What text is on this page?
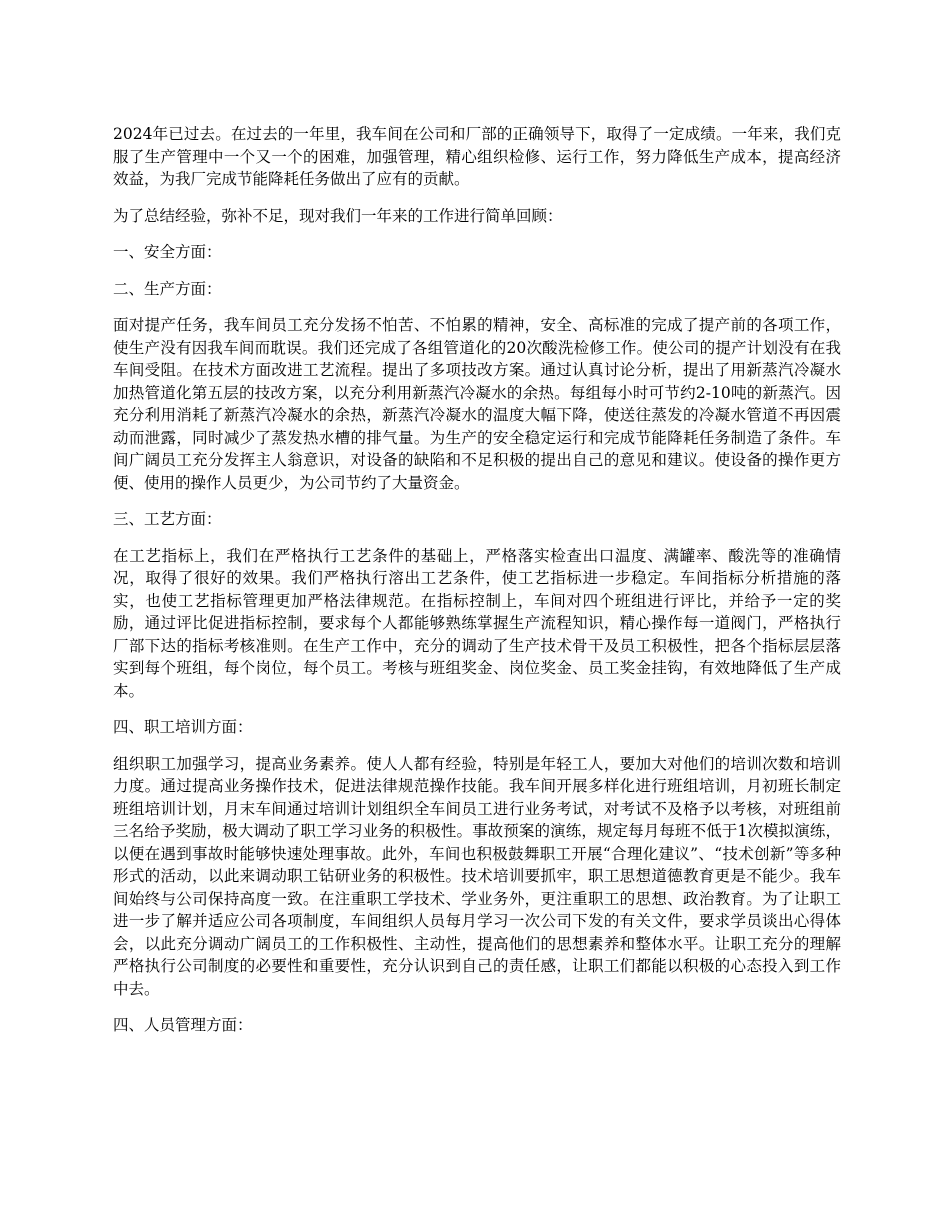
2024年已过去。在过去的一年里，我车间在公司和厂部的正确领导下，取得了一定成绩。一年来，我们克服了生产管理中一个又一个的困难，加强管理，精心组织检修、运行工作，努力降低生产成本，提高经济效益，为我厂完成节能降耗任务做出了应有的贡献。

为了总结经验，弥补不足，现对我们一年来的工作进行简单回顾：

一、安全方面：

二、生产方面：

面对提产任务，我车间员工充分发扬不怕苦、不怕累的精神，安全、高标准的完成了提产前的各项工作，使生产没有因我车间而耽误。我们还完成了各组管道化的20次酸洗检修工作。使公司的提产计划没有在我车间受阻。在技术方面改进工艺流程。提出了多项技改方案。通过认真讨论分析，提出了用新蒸汽冷凝水加热管道化第五层的技改方案，以充分利用新蒸汽冷凝水的余热。每组每小时可节约2-10吨的新蒸汽。因充分利用消耗了新蒸汽冷凝水的余热，新蒸汽冷凝水的温度大幅下降，使送往蒸发的冷凝水管道不再因震动而泄露，同时减少了蒸发热水槽的排气量。为生产的安全稳定运行和完成节能降耗任务制造了条件。车间广阔员工充分发挥主人翁意识，对设备的缺陷和不足积极的提出自己的意见和建议。使设备的操作更方便、使用的操作人员更少，为公司节约了大量资金。

三、工艺方面：

在工艺指标上，我们在严格执行工艺条件的基础上，严格落实检查出口温度、满罐率、酸洗等的准确情况，取得了很好的效果。我们严格执行溶出工艺条件，使工艺指标进一步稳定。车间指标分析措施的落实，也使工艺指标管理更加严格法律规范。在指标控制上，车间对四个班组进行评比，并给予一定的奖励，通过评比促进指标控制，要求每个人都能够熟练掌握生产流程知识，精心操作每一道阀门，严格执行厂部下达的指标考核准则。在生产工作中，充分的调动了生产技术骨干及员工积极性，把各个指标层层落实到每个班组，每个岗位，每个员工。考核与班组奖金、岗位奖金、员工奖金挂钩，有效地降低了生产成本。

四、职工培训方面：

组织职工加强学习，提高业务素养。使人人都有经验，特别是年轻工人，要加大对他们的培训次数和培训力度。通过提高业务操作技术，促进法律规范操作技能。我车间开展多样化进行班组培训，月初班长制定班组培训计划，月末车间通过培训计划组织全车间员工进行业务考试，对考试不及格予以考核，对班组前三名给予奖励，极大调动了职工学习业务的积极性。事故预案的演练，规定每月每班不低于1次模拟演练，以便在遇到事故时能够快速处理事故。此外，车间也积极鼓舞职工开展“合理化建议”、“技术创新”等多种形式的活动，以此来调动职工钻研业务的积极性。技术培训要抓牢，职工思想道德教育更是不能少。我车间始终与公司保持高度一致。在注重职工学技术、学业务外，更注重职工的思想、政治教育。为了让职工进一步了解并适应公司各项制度，车间组织人员每月学习一次公司下发的有关文件，要求学员谈出心得体会，以此充分调动广阔员工的工作积极性、主动性，提高他们的思想素养和整体水平。让职工充分的理解严格执行公司制度的必要性和重要性，充分认识到自己的责任感，让职工们都能以积极的心态投入到工作中去。

四、人员管理方面：
